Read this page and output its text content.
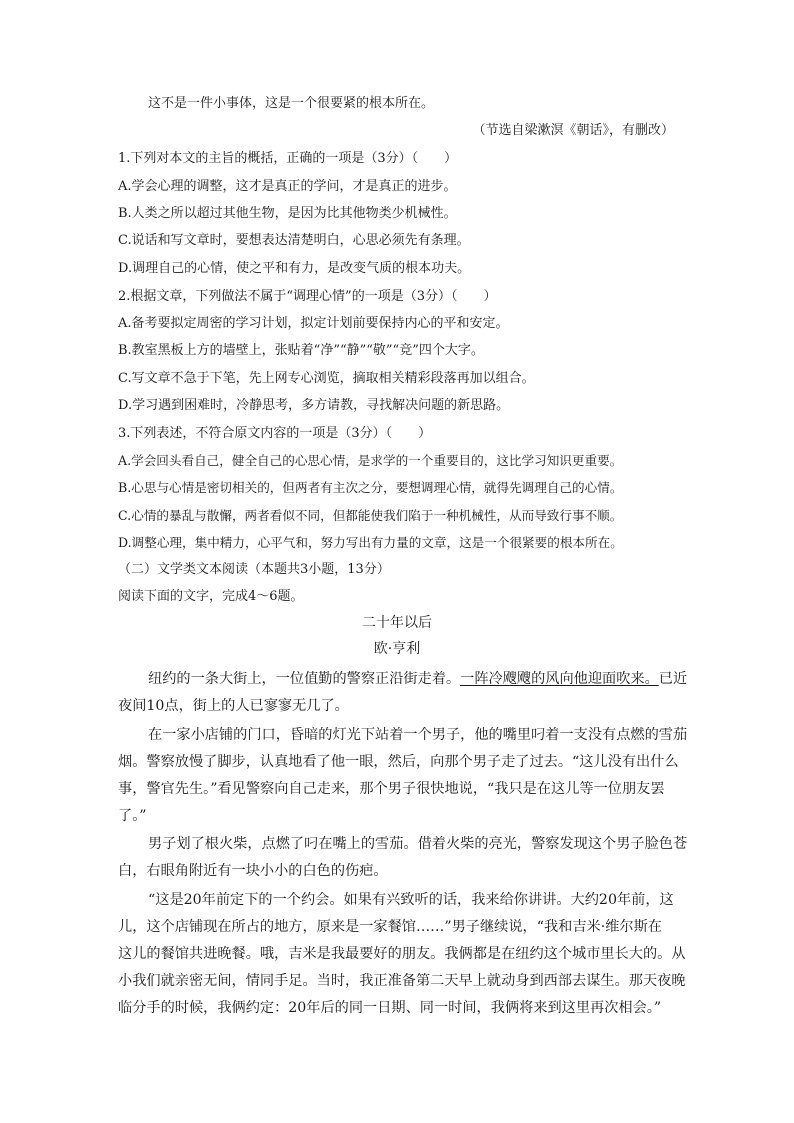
这不是一件小事体，这是一个很要紧的根本所在。
（节选自梁漱溟《朝话》，有删改）
1.下列对本文的主旨的概括，正确的一项是（3分）（　　）
A.学会心理的调整，这才是真正的学问，才是真正的进步。
B.人类之所以超过其他生物，是因为比其他物类少机械性。
C.说话和写文章时，要想表达清楚明白，心思必须先有条理。
D.调理自己的心情，使之平和有力，是改变气质的根本功夫。
2.根据文章，下列做法不属于“调理心情”的一项是（3分）（　　）
A.备考要拟定周密的学习计划，拟定计划前要保持内心的平和安定。
B.教室黑板上方的墙壁上，张贴着“净”“静”“敬”“竞”四个大字。
C.写文章不急于下笔，先上网专心浏览，摘取相关精彩段落再加以组合。
D.学习遇到困难时，冷静思考，多方请教，寻找解决问题的新思路。
3.下列表述，不符合原文内容的一项是（3分）（　　）
A.学会回头看自己，健全自己的心思心情，是求学的一个重要目的，这比学习知识更重要。
B.心思与心情是密切相关的，但两者有主次之分，要想调理心情，就得先调理自己的心情。
C.心情的暴乱与散懈，两者看似不同，但都能使我们陷于一种机械性，从而导致行事不顺。
D.调整心理，集中精力，心平气和，努力写出有力量的文章，这是一个很紧要的根本所在。
（二）文学类文本阅读（本题共3小题，13分）
阅读下面的文字，完成4～6题。
二十年以后
欧·亨利
纽约的一条大街上，一位值勤的警察正沿街走着。一阵冷飕飕的风向他迎面吹来。已近
夜间10点，街上的人已寥寥无几了。
在一家小店铺的门口，昏暗的灯光下站着一个男子，他的嘴里叼着一支没有点燃的雪茄
烟。警察放慢了脚步，认真地看了他一眼，然后，向那个男子走了过去。“这儿没有出什么
事，警官先生。”看见警察向自己走来，那个男子很快地说，“我只是在这儿等一位朋友罢
了。”
男子划了根火柴，点燃了叼在嘴上的雪茄。借着火柴的亮光，警察发现这个男子脸色苍
白，右眼角附近有一块小小的白色的伤疤。
“这是20年前定下的一个约会。如果有兴致听的话，我来给你讲讲。大约20年前，这
儿，这个店铺现在所占的地方，原来是一家餐馆……”男子继续说，“我和吉米·维尔斯在
这儿的餐馆共进晚餐。哦，吉米是我最要好的朋友。我俩都是在纽约这个城市里长大的。从
小我们就亲密无间，情同手足。当时，我正准备第二天早上就动身到西部去谋生。那天夜晚
临分手的时候，我俩约定：20年后的同一日期、同一时间，我俩将来到这里再次相会。”
